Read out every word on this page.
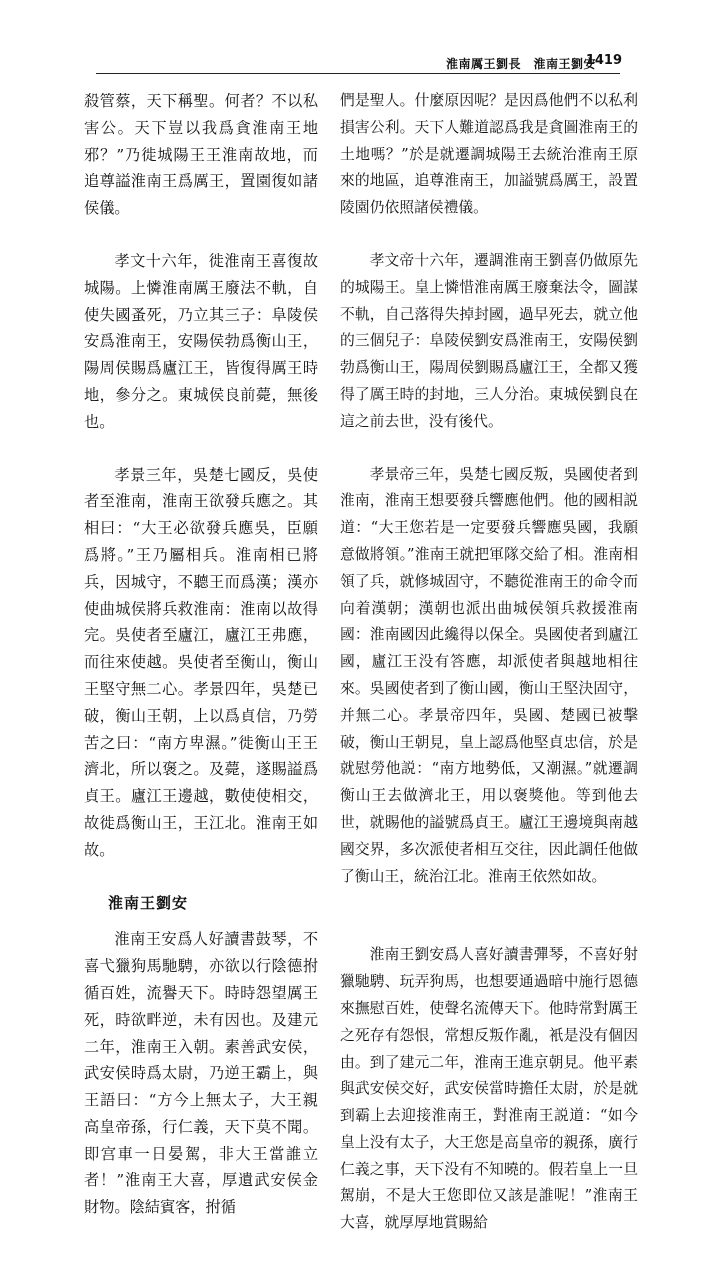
淮南厲王劉長　淮南王劉安
1419

殺管蔡，天下稱聖。何者？不以私害公。天下豈以我爲貪淮南王地邪？”乃徙城陽王王淮南故地，而追尊謚淮南王爲厲王，置園復如諸侯儀。

孝文十六年，徙淮南王喜復故城陽。上憐淮南厲王廢法不軌，自使失國蚤死，乃立其三子：阜陵侯安爲淮南王，安陽侯勃爲衡山王，陽周侯賜爲廬江王，皆復得厲王時地，參分之。東城侯良前薨，無後也。

孝景三年，吳楚七國反，吳使者至淮南，淮南王欲發兵應之。其相曰：“大王必欲發兵應吳，臣願爲將。”王乃屬相兵。淮南相已將兵，因城守，不聽王而爲漢；漢亦使曲城侯將兵救淮南：淮南以故得完。吳使者至廬江，廬江王弗應，而往來使越。吳使者至衡山，衡山王堅守無二心。孝景四年，吳楚已破，衡山王朝，上以爲貞信，乃勞苦之曰：“南方卑濕。”徙衡山王王濟北，所以褒之。及薨，遂賜謚爲貞王。廬江王邊越，數使使相交，故徙爲衡山王，王江北。淮南王如故。

淮南王劉安

淮南王安爲人好讀書鼓琴，不喜弋獵狗馬馳騁，亦欲以行陰德拊循百姓，流譽天下。時時怨望厲王死，時欲畔逆，未有因也。及建元二年，淮南王入朝。素善武安侯，武安侯時爲太尉，乃逆王霸上，與王語曰：“方今上無太子，大王親高皇帝孫，行仁義，天下莫不聞。即宫車一日晏駕，非大王當誰立者！”淮南王大喜，厚遺武安侯金財物。陰結賓客，拊循

們是聖人。什麼原因呢？是因爲他們不以私利損害公利。天下人難道認爲我是貪圖淮南王的土地嗎？”於是就遷調城陽王去統治淮南王原來的地區，追尊淮南王，加謚號爲厲王，設置陵園仍依照諸侯禮儀。

孝文帝十六年，遷調淮南王劉喜仍做原先的城陽王。皇上憐惜淮南厲王廢棄法令，圖謀不軌，自己落得失掉封國，過早死去，就立他的三個兒子：阜陵侯劉安爲淮南王，安陽侯劉勃爲衡山王，陽周侯劉賜爲廬江王，全都又獲得了厲王時的封地，三人分治。東城侯劉良在這之前去世，没有後代。

孝景帝三年，吳楚七國反叛，吳國使者到淮南，淮南王想要發兵響應他們。他的國相説道：“大王您若是一定要發兵響應吳國，我願意做將領。”淮南王就把軍隊交給了相。淮南相領了兵，就修城固守，不聽從淮南王的命令而向着漢朝；漢朝也派出曲城侯領兵救援淮南國：淮南國因此纔得以保全。吳國使者到廬江國，廬江王没有答應，却派使者與越地相往來。吳國使者到了衡山國，衡山王堅決固守，并無二心。孝景帝四年，吳國、楚國已被擊破，衡山王朝見，皇上認爲他堅貞忠信，於是就慰勞他説：“南方地勢低，又潮濕。”就遷調衡山王去做濟北王，用以褒獎他。等到他去世，就賜他的謚號爲貞王。廬江王邊境與南越國交界，多次派使者相互交往，因此調任他做了衡山王，統治江北。淮南王依然如故。

淮南王劉安爲人喜好讀書彈琴，不喜好射獵馳騁、玩弄狗馬，也想要通過暗中施行恩德來撫慰百姓，使聲名流傳天下。他時常對厲王之死存有怨恨，常想反叛作亂，衹是没有個因由。到了建元二年，淮南王進京朝見。他平素與武安侯交好，武安侯當時擔任太尉，於是就到霸上去迎接淮南王，對淮南王説道：“如今皇上没有太子，大王您是高皇帝的親孫，廣行仁義之事，天下没有不知曉的。假若皇上一旦駕崩，不是大王您即位又該是誰呢！”淮南王大喜，就厚厚地賞賜給
